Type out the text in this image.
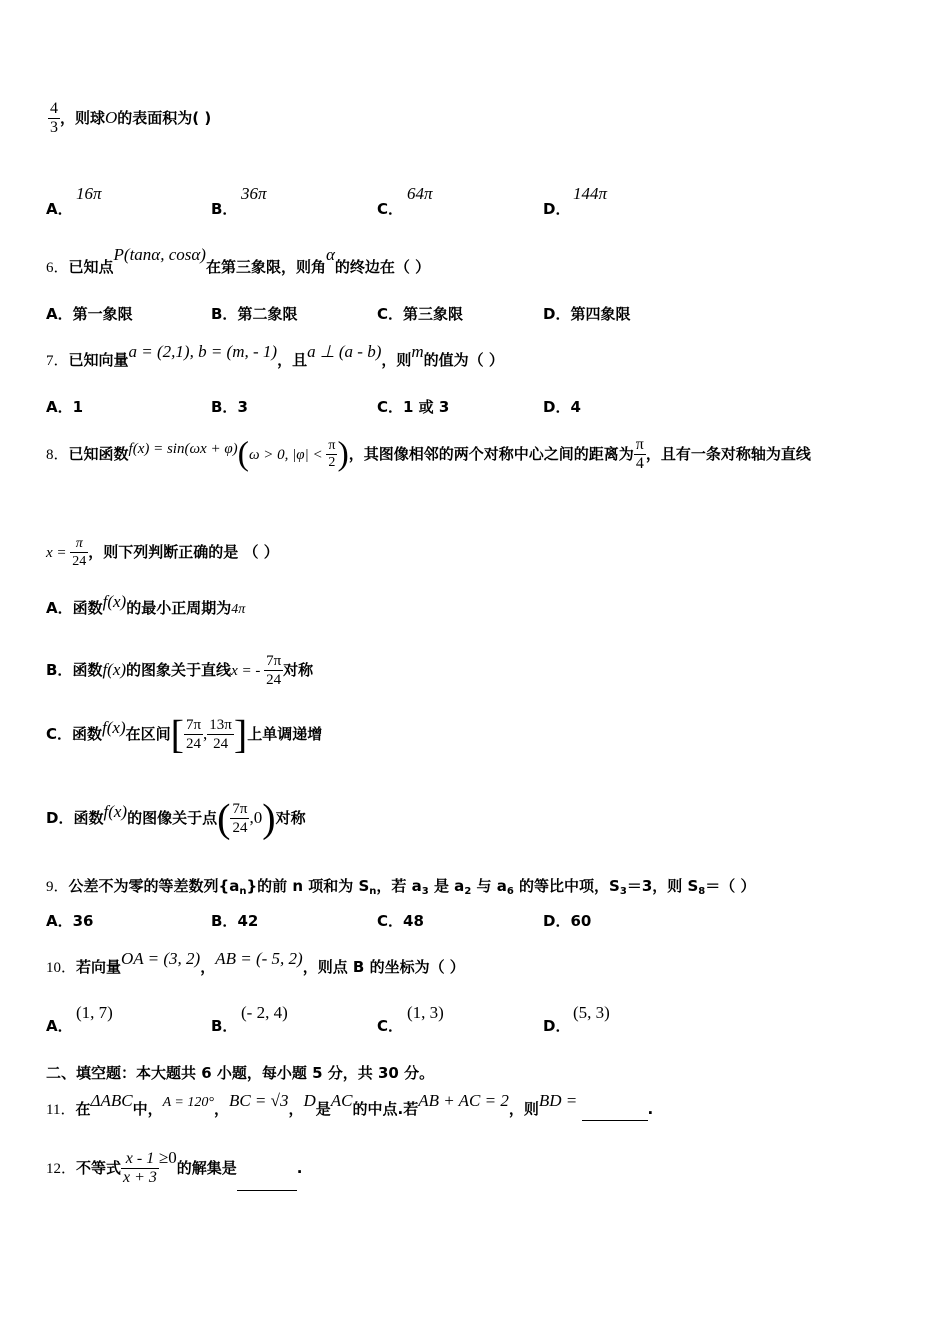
$\frac{4}{3}$ ，则球O的表面积为( )
A．
16π
B．
36π
C．
64π
D．
144π
6．已知点P(tanα, cosα)在第三象限，则角α的终边在（ ）
A．第一象限	B．第二象限	C．第三象限	D．第四象限
7．已知向量a = (2,1), b = (m, - 1)，且a ⊥ (a - b)，则m的值为（ ）
A．1	B．3	C．1 或 3	D．4
8．已知函数f(x) = sin(ωx + φ)(ω > 0, $|\varphi| < \frac{\pi}{2}$ )，其图像相邻的两个对称中心之间的距离为 $\frac{\pi}{4}$ ，且有一条对称轴为直线
$x = \frac{\pi}{24}$ ，则下列判断正确的是 （ ）
A．函数f(x)的最小正周期为4π
B．函数f(x)的图象关于直线x = - $\frac{7\pi}{24}$ 对称
C．函数f(x)在区间[ $\frac{7\pi}{24}$ , $\frac{13\pi}{24}$ ]上单调递增
D．函数f(x)的图像关于点( $\frac{7\pi}{24} ,0$)对称
9．公差不为零的等差数列$\{a_n\}$的前 n 项和为 $S_n$，若 $a_3$ 是 $a_2$ 与 $a_6$ 的等比中项，$S_3=3$，则 $S_8=$（ ）
A．36	B．42	C．48	D．60
10．若向量OA = (3, 2)，AB = (- 5, 2)，则点 B 的坐标为（ ）
A．
(1, 7)
B．
(- 2, 4)
C．
(1, 3)
D．
(5, 3)
二、填空题：本大题共 6 小题，每小题 5 分，共 30 分。
11．在ΔABC中，A = 120°，BC = √3，D是AC的中点.若AB + AC = 2，则BD =	.
12．不等式 $\frac{x - 1}{x + 3} \ge 0$的解集是	.
